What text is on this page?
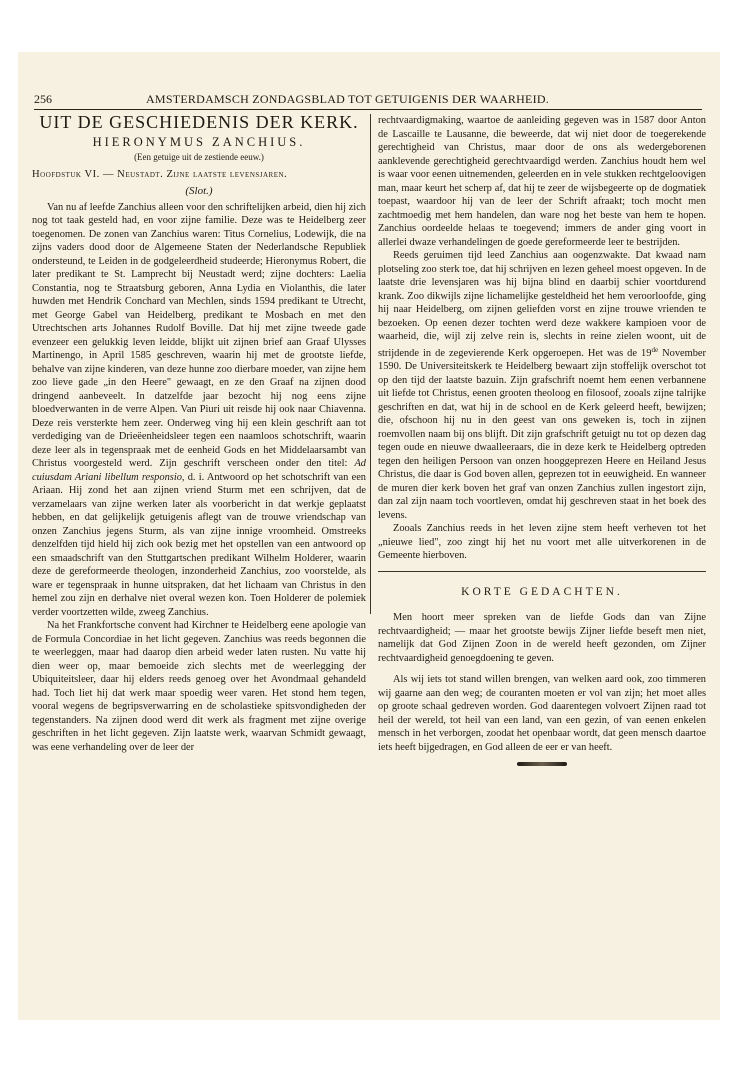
256	AMSTERDAMSCH ZONDAGSBLAD TOT GETUIGENIS DER WAARHEID.
UIT DE GESCHIEDENIS DER KERK.
HIERONYMUS ZANCHIUS.
(Een getuige uit de zestiende eeuw.)
Hoofdstuk VI. — Neustadt. Zijne laatste levensjaren.
(Slot.)

Van nu af leefde Zanchius alleen voor den schriftelijken arbeid, dien hij zich nog tot taak gesteld had, en voor zijne familie. Deze was te Heidelberg zeer toegenomen. De zonen van Zanchius waren: Titus Cornelius, Lodewijk, die na zijns vaders dood door de Algemeene Staten der Nederlandsche Republiek ondersteund, te Leiden in de godgeleerdheid studeerde; Hieronymus Robert, die later predikant te St. Lamprecht bij Neustadt werd; zijne dochters: Laelia Constantia, nog te Straatsburg geboren, Anna Lydia en Violanthis, die later huwden met Hendrik Conchard van Mechlen, sinds 1594 predikant te Utrecht, met George Gabel van Heidelberg, predikant te Mosbach en met den Utrechtschen arts Johannes Rudolf Boville. Dat hij met zijne tweede gade evenzeer een gelukkig leven leidde, blijkt uit zijnen brief aan Graaf Ulysses Martinengo, in April 1585 geschreven, waarin hij met de grootste liefde, behalve van zijne kinderen, van deze hunne zoo dierbare moeder, van zijne hem zoo lieve gade „in den Heere" gewaagt, en ze den Graaf na zijnen dood dringend aanbeveelt. In datzelfde jaar bezocht hij nog eens zijne bloedverwanten in de verre Alpen. Van Piuri uit reisde hij ook naar Chiavenna. Deze reis versterkte hem zeer. Onderweg ving hij een klein geschrift aan tot verdediging van de Drieëenheidsleer tegen een naamloos schotschrift, waarin deze leer als in tegenspraak met de eenheid Gods en het Middelaarsambt van Christus voorgesteld werd. Zijn geschrift verscheen onder den titel: Ad cuiusdam Ariani libellum responsio, d. i. Antwoord op het schotschrift van een Ariaan. Hij zond het aan zijnen vriend Sturm met een schrijven, dat de verzamelaars van zijne werken later als voorbericht in dat werkje geplaatst hebben, en dat gelijkelijk getuigenis aflegt van de trouwe vriendschap van onzen Zanchius jegens Sturm, als van zijne innige vroomheid. Omstreeks denzelfden tijd hield hij zich ook bezig met het opstellen van een antwoord op een smaadschrift van den Stuttgartschen predikant Wilhelm Holderer, waarin deze de gereformeerde theologen, inzonderheid Zanchius, zoo voorstelde, als ware er tegenspraak in hunne uitspraken, dat het lichaam van Christus in den hemel zou zijn en derhalve niet overal wezen kon. Toen Holderer de polemiek verder voortzetten wilde, zweeg Zanchius.

Na het Frankfortsche convent had Kirchner te Heidelberg eene apologie van de Formula Concordiae in het licht gegeven. Zanchius was reeds begonnen die te weerleggen, maar had daarop dien arbeid weder laten rusten. Nu vatte hij dien weer op, maar bemoeide zich slechts met de weerlegging der Ubiquiteitsleer, daar hij elders reeds genoeg over het Avondmaal gehandeld had. Toch liet hij dat werk maar spoedig weer varen. Het stond hem tegen, vooral wegens de begripsverwarring en de scholastieke spitsvondigheden der tegenstanders. Na zijnen dood werd dit werk als fragment met zijne overige geschriften in het licht gegeven. Zijn laatste werk, waarvan Schmidt gewaagt, was eene verhandeling over de leer der

rechtvaardigmaking, waartoe de aanleiding gegeven was in 1587 door Anton de Lascaille te Lausanne, die beweerde, dat wij niet door de toegerekende gerechtigheid van Christus, maar door de ons als wedergeborenen aanklevende gerechtigheid gerechtvaardigd werden. Zanchius houdt hem wel is waar voor eenen uitnemenden, geleerden en in vele stukken rechtgeloovigen man, maar keurt het scherp af, dat hij te zeer de wijsbegeerte op de dogmatiek toepast, waardoor hij van de leer der Schrift afraakt; toch mocht men zachtmoedig met hem handelen, dan ware nog het beste van hem te hopen. Zanchius oordeelde helaas te toegevend; immers de ander ging voort in allerlei dwaze verhandelingen de goede gereformeerde leer te bestrijden.

Reeds geruimen tijd leed Zanchius aan oogenzwakte. Dat kwaad nam plotseling zoo sterk toe, dat hij schrijven en lezen geheel moest opgeven. In de laatste drie levensjaren was hij bijna blind en daarbij schier voortdurend krank. Zoo dikwijls zijne lichamelijke gesteldheid het hem veroorloofde, ging hij naar Heidelberg, om zijnen geliefden vorst en zijne trouwe vrienden te bezoeken. Op eenen dezer tochten werd deze wakkere kampioen voor de waarheid, die, wijl zij zelve rein is, slechts in reine zielen woont, uit de strijdende in de zegevierende Kerk opgeroepen. Het was de 19de November 1590. De Universiteitskerk te Heidelberg bewaart zijn stoffelijk overschot tot op den tijd der laatste bazuin. Zijn grafschrift noemt hem eenen verbannene uit liefde tot Christus, eenen grooten theoloog en filosoof, zooals zijne talrijke geschriften en dat, wat hij in de school en de Kerk geleerd heeft, bewijzen; die, ofschoon hij nu in den geest van ons geweken is, toch in zijnen roemvollen naam bij ons blijft. Dit zijn grafschrift getuigt nu tot op dezen dag tegen oude en nieuwe dwaalleeraars, die in deze kerk te Heidelberg optreden tegen den heiligen Persoon van onzen hooggeprezen Heere en Heiland Jesus Christus, die daar is God boven allen, geprezen tot in eeuwigheid. En wanneer de muren dier kerk boven het graf van onzen Zanchius zullen ingestort zijn, dan zal zijn naam toch voortleven, omdat hij geschreven staat in het boek des levens.

Zooals Zanchius reeds in het leven zijne stem heeft verheven tot het „nieuwe lied", zoo zingt hij het nu voort met alle uitverkorenen in de Gemeente hierboven.

KORTE GEDACHTEN.

Men hoort meer spreken van de liefde Gods dan van Zijne rechtvaardigheid; — maar het grootste bewijs Zijner liefde beseft men niet, namelijk dat God Zijnen Zoon in de wereld heeft gezonden, om Zijner rechtvaardigheid genoegdoening te geven.

Als wij iets tot stand willen brengen, van welken aard ook, zoo timmeren wij gaarne aan den weg; de couranten moeten er vol van zijn; het moet alles op groote schaal gedreven worden. God daarentegen volvoert Zijnen raad tot heil der wereld, tot heil van een land, van een gezin, of van eenen enkelen mensch in het verborgen, zoodat het openbaar wordt, dat geen mensch daartoe iets heeft bijgedragen, en God alleen de eer er van heeft.
